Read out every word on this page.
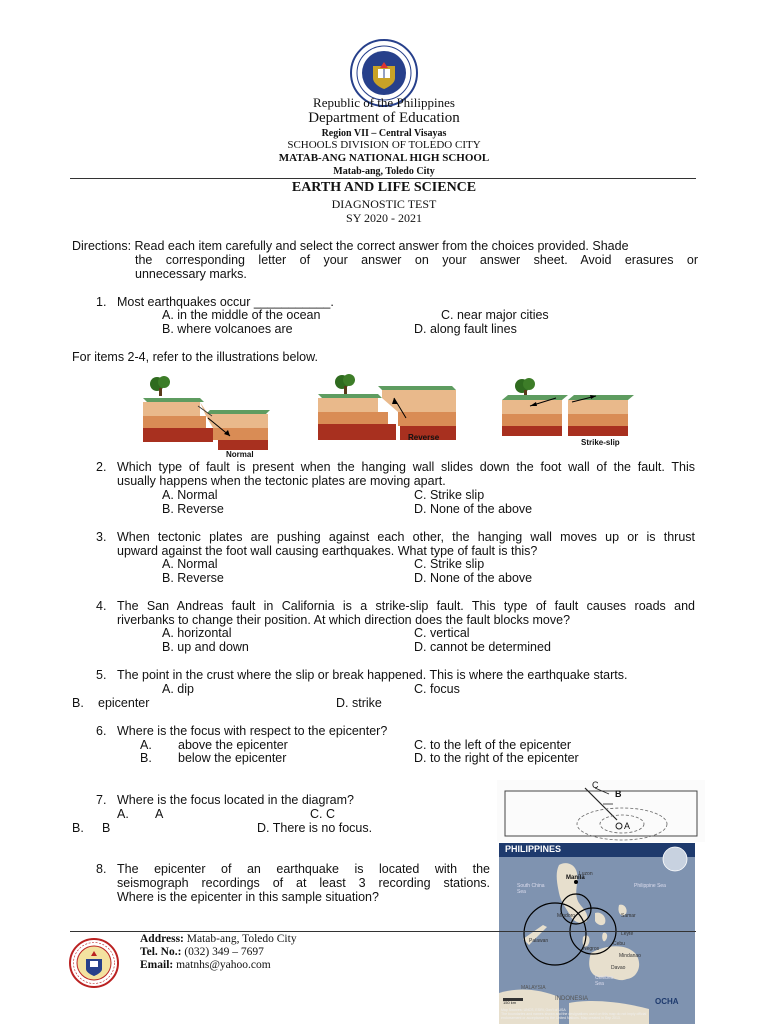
Republic of the Philippines
Department of Education
Region VII – Central Visayas
SCHOOLS DIVISION OF TOLEDO CITY
MATAB-ANG NATIONAL HIGH SCHOOL
Matab-ang, Toledo City
EARTH AND LIFE SCIENCE
DIAGNOSTIC TEST
SY 2020 - 2021
Directions: Read each item carefully and select the correct answer from the choices provided. Shade
the corresponding letter of your answer on your answer sheet. Avoid erasures or
unnecessary marks.
1. Most earthquakes occur ___________.
A. in the middle of the ocean
B. where volcanoes are
C. near major cities
D. along fault lines
For items 2-4, refer to the illustrations below.
Normal
Reverse
Strike-slip
2. Which type of fault is present when the hanging wall slides down the foot wall of the fault. This
usually happens when the tectonic plates are moving apart.
A. Normal
B. Reverse
C. Strike slip
D. None of the above
3. When tectonic plates are pushing against each other, the hanging wall moves up or is thrust
upward against the foot wall causing earthquakes. What type of fault is this?
A. Normal
B. Reverse
C. Strike slip
D. None of the above
4. The San Andreas fault in California is a strike-slip fault. This type of fault causes roads and
riverbanks to change their position. At which direction does the fault blocks move?
A. horizontal
B. up and down
C. vertical
D. cannot be determined
5. The point in the crust where the slip or break happened. This is where the earthquake starts.
A. dip	C. focus
B. epicenter	D. strike
6. Where is the focus with respect to the epicenter?
A. above the epicenter
B. below the epicenter
C. to the left of the epicenter
D. to the right of the epicenter
7. Where is the focus located in the diagram?
A. A
B. B
C. C
D. There is no focus.
C
B
A
8. The epicenter of an earthquake is located with the
seismograph recordings of at least 3 recording stations.
Where is the epicenter in this sample situation?
PHILIPPINES
Luzon
Manila
South China Sea
Philippine Sea
Mindoro	Samar
Palawan
Leyte
Negros
Cebu
Mindanao
Davao
Celebes Sea
MALAYSIA
INDONESIA
150 km	OCHA
Map Sources: UNCS, ESRI, Gov't of USA
The boundaries and names shown and the designations used on this map do not imply official
endorsement or acceptance by the United Nations. Map created in Sep 2013.
Address: Matab-ang, Toledo City
Tel. No.: (032) 349 – 7697
Email: matnhs@yahoo.com
